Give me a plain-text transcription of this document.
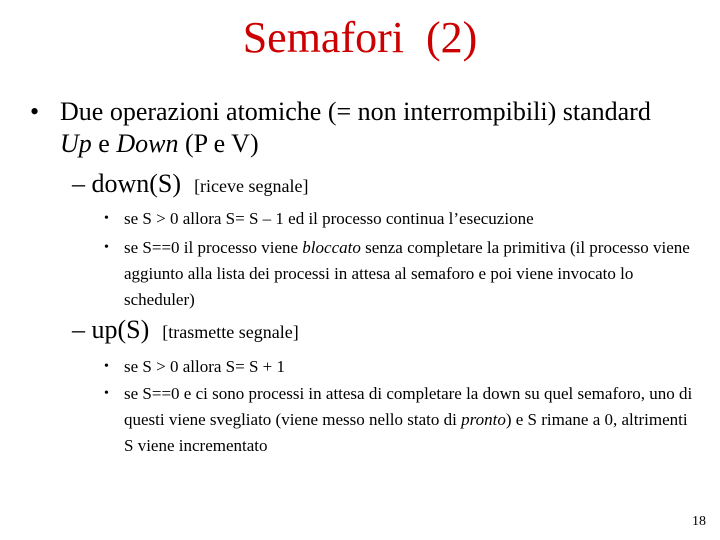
Semafori  (2)
• Due operazioni atomiche (= non interrompibili) standard Up e Down (P e V)
– down(S) [riceve segnale]
• se S > 0 allora S= S – 1 ed il processo continua l’esecuzione
• se S==0 il processo viene bloccato senza completare la primitiva (il processo viene aggiunto alla lista dei processi in attesa al semaforo e poi viene invocato lo scheduler)
– up(S) [trasmette segnale]
• se S > 0 allora S= S + 1
• se S==0 e ci sono processi in attesa di completare la down su quel semaforo, uno di questi viene svegliato (viene messo nello stato di pronto) e S rimane a 0, altrimenti S viene incrementato
18
